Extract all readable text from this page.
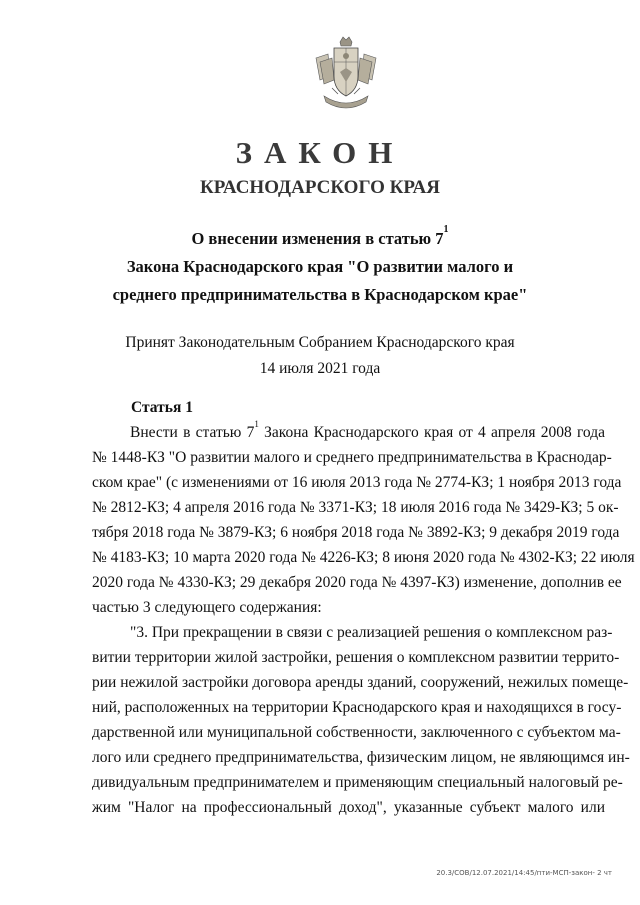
ЗАКОН
КРАСНОДАРСКОГО КРАЯ
О внесении изменения в статью $7^1$
Закона Краснодарского края "О развитии малого и
среднего предпринимательства в Краснодарском крае"
Принят Законодательным Собранием Краснодарского края
14 июля 2021 года
Статья 1
Внести в статью $7^1$ Закона Краснодарского края от 4 апреля 2008 года
№ 1448-КЗ "О развитии малого и среднего предпринимательства в Краснодар-
ском крае" (с изменениями от 16 июля 2013 года № 2774-КЗ; 1 ноября 2013 года
№ 2812-КЗ; 4 апреля 2016 года № 3371-КЗ; 18 июля 2016 года № 3429-КЗ; 5 ок-
тября 2018 года № 3879-КЗ; 6 ноября 2018 года № 3892-КЗ; 9 декабря 2019 года
№ 4183-КЗ; 10 марта 2020 года № 4226-КЗ; 8 июня 2020 года № 4302-КЗ; 22 июля
2020 года № 4330-КЗ; 29 декабря 2020 года № 4397-КЗ) изменение, дополнив ее
частью 3 следующего содержания:
"3. При прекращении в связи с реализацией решения о комплексном раз-
витии территории жилой застройки, решения о комплексном развитии террито-
рии нежилой застройки договора аренды зданий, сооружений, нежилых помеще-
ний, расположенных на территории Краснодарского края и находящихся в госу-
дарственной или муниципальной собственности, заключенного с субъектом ма-
лого или среднего предпринимательства, физическим лицом, не являющимся ин-
дивидуальным предпринимателем и применяющим специальный налоговый ре-
жим "Налог на профессиональный доход", указанные субъект малого или
20.3/СОВ/12.07.2021/14:45/пти-МСП-закон- 2 чт
